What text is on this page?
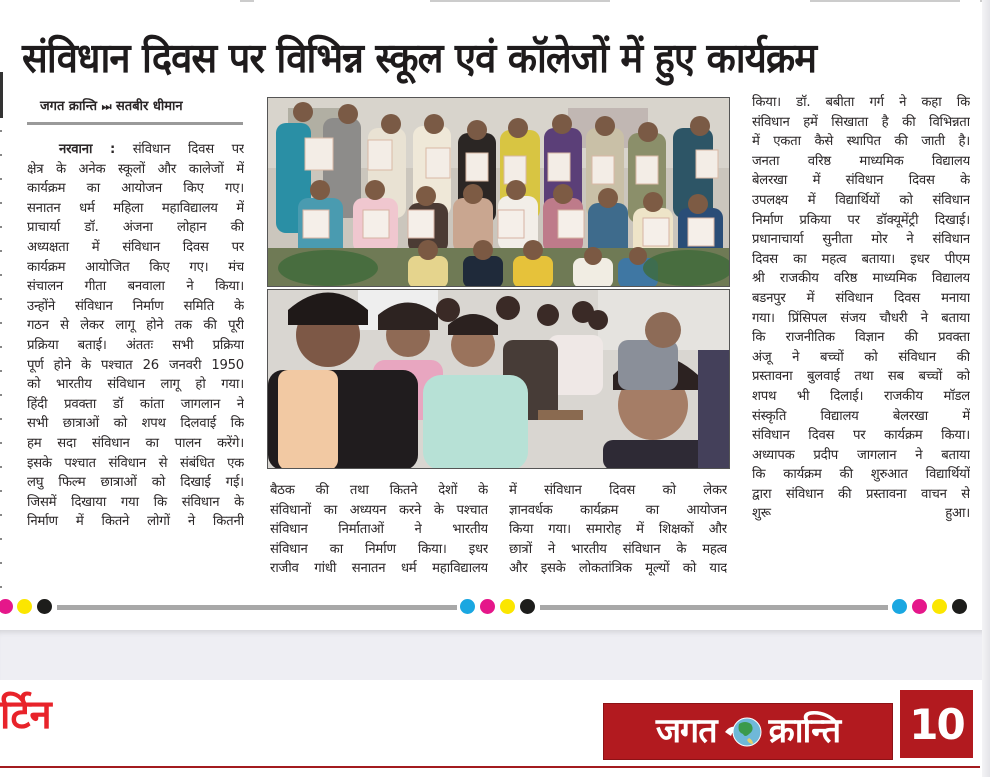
संविधान दिवस पर विभिन्न स्कूल एवं कॉलेजों में हुए कार्यक्रम
जगत क्रान्ति ⏭ सतबीर धीमान

नरवाना : संविधान दिवस पर

क्षेत्र के अनेक स्कूलों और कालेजों में

कार्यक्रम का आयोजन किए गए।

सनातन धर्म महिला महाविद्यालय में

प्राचार्या डॉ. अंजना लोहान की

अध्यक्षता में संविधान दिवस पर

कार्यक्रम आयोजित किए गए। मंच

संचालन गीता बनवाला ने किया।

उन्होंने संविधान निर्माण समिति के

गठन से लेकर लागू होने तक की पूरी

प्रक्रिया बताई। अंततः सभी प्रक्रिया

पूर्ण होने के पश्चात 26 जनवरी 1950

को भारतीय संविधान लागू हो गया।

हिंदी प्रवक्ता डॉ कांता जागलान ने

सभी छात्राओं को शपथ दिलवाई कि

हम सदा संविधान का पालन करेंगे।

इसके पश्चात संविधान से संबंधित एक

लघु फिल्म छात्राओं को दिखाई गई।

जिसमें दिखाया गया कि संविधान के

निर्माण में कितने लोगों ने कितनी

बैठक की तथा कितने देशों के

संविधानों का अध्ययन करने के पश्चात

संविधान निर्माताओं ने भारतीय

संविधान का निर्माण किया। इधर

राजीव गांधी सनातन धर्म महाविद्यालय

में संविधान दिवस को लेकर

ज्ञानवर्धक कार्यक्रम का आयोजन

किया गया। समारोह में शिक्षकों और

छात्रों ने भारतीय संविधान के महत्व

और इसके लोकतांत्रिक मूल्यों को याद

किया। डॉ. बबीता गर्ग ने कहा कि

संविधान हमें सिखाता है की विभिन्नता

में एकता कैसे स्थापित की जाती है।

जनता वरिष्ठ माध्यमिक विद्यालय

बेलरखा में संविधान दिवस के

उपलक्ष्य में विद्यार्थियों को संविधान

निर्माण प्रकिया पर डॉक्यूमेंट्री दिखाई।

प्रधानाचार्या सुनीता मोर ने संविधान

दिवस का महत्व बताया। इधर पीएम

श्री राजकीय वरिष्ठ माध्यमिक विद्यालय

बडनपुर में संविधान दिवस मनाया

गया। प्रिंसिपल संजय चौधरी ने बताया

कि राजनीतिक विज्ञान की प्रवक्ता

अंजू ने बच्चों को संविधान की

प्रस्तावना बुलवाई तथा सब बच्चों को

शपथ भी दिलाई। राजकीय मॉडल

संस्कृति	विद्यालय	बेलरखा	में

संविधान दिवस पर कार्यक्रम किया।

अध्यापक प्रदीप जागलान ने बताया

कि कार्यक्रम की शुरुआत विद्यार्थियों

द्वारा संविधान की प्रस्तावना वाचन से

शुरू हुआ।

र्टिन	जगत क्रान्ति 10
